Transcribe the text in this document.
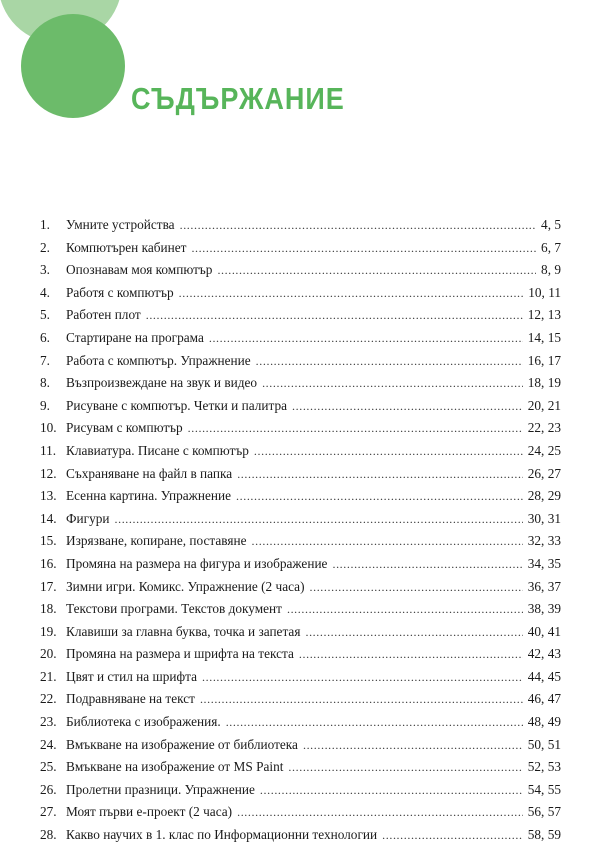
СЪДЪРЖАНИЕ
1.	Умните устройства .....	4, 5
2.	Компютърен кабинет .....	6, 7
3.	Опознавам моя компютър .....	8, 9
4.	Работя с компютър .....	10, 11
5.	Работен плот .....	12, 13
6.	Стартиране на програма .....	14, 15
7.	Работа с компютър. Упражнение .....	16, 17
8.	Възпроизвеждане на звук и видео .....	18, 19
9.	Рисуване с компютър. Четки и палитра .....	20, 21
10. Рисувам с компютър .....	22, 23
11. Клавиатура. Писане с компютър .....	24, 25
12. Съхраняване на файл в папка .....	26, 27
13. Есенна картина. Упражнение .....	28, 29
14. Фигури .....	30, 31
15. Изрязване, копиране, поставяне .....	32, 33
16. Промяна на размера на фигура и изображение .....	34, 35
17. Зимни игри. Комикс. Упражнение (2 часа) .....	36, 37
18. Текстови програми. Текстов документ .....	38, 39
19. Клавиши за главна буква, точка и запетая .....	40, 41
20. Промяна на размера и шрифта на текста .....	42, 43
21. Цвят и стил на шрифта .....	44, 45
22. Подравняване на текст .....	46, 47
23. Библиотека с изображения. .....	48, 49
24. Вмъкване на изображение от библиотека .....	50, 51
25. Вмъкване на изображение от MS Paint .....	52, 53
26. Пролетни празници. Упражнение .....	54, 55
27. Моят първи е-проект (2 часа) .....	56, 57
28. Какво научих в 1. клас по Информационни технологии .....	58, 59
